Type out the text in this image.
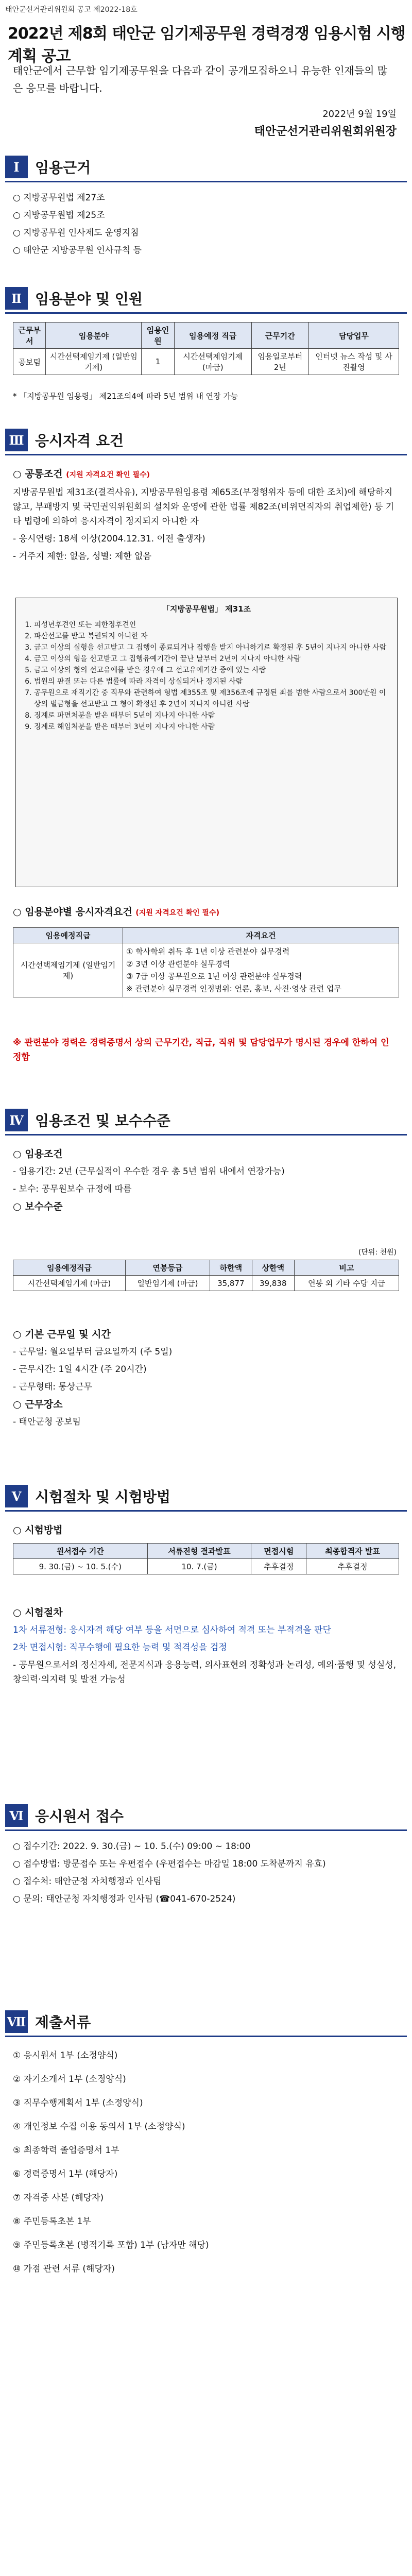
태안군선거관리위원회 공고 제2022-18호
2022년 제8회 태안군 임기제공무원 경력경쟁 임용시험 시행계획 공고
태안군에서 근무할 임기제공무원을 다음과 같이 공개모집하오니 유능한 인재들의 많은 응모를 바랍니다.
2022년 9월 19일
태안군선거관리위원회위원장
Ⅰ	임용근거

○ 지방공무원법 제27조

○ 지방공무원법 제25조

○ 지방공무원 인사제도 운영지침

○ 태안군 지방공무원 인사규칙 등

Ⅱ 임용분야 및 인원
근무부서	임용분야	임용인원	임용예정 직급	근무기간	담당업무
공보팀	시간선택제임기제 (일반임기제)	1	시간선택제임기제 (마급)	임용일로부터 2년	인터넷 뉴스 작성 및 사진촬영
* 「지방공무원 임용령」 제21조의4에 따라 5년 범위 내 연장 가능
Ⅲ 응시자격 요건
○ 공통조건 (지원 자격요건 확인 필수)

지방공무원법 제31조(결격사유), 지방공무원임용령 제65조(부정행위자 등에 대한 조치)에 해당하지 않고, 부패방지 및 국민권익위원회의 설치와 운영에 관한 법률 제82조(비위면직자의 취업제한) 등 기타 법령에 의하여 응시자격이 정지되지 아니한 자

- 응시연령: 18세 이상(2004.12.31. 이전 출생자)

- 거주지 제한: 없음, 성별: 제한 없음

「지방공무원법」 제31조
1. 피성년후견인 또는 피한정후견인
2. 파산선고를 받고 복권되지 아니한 자
3. 금고 이상의 실형을 선고받고 그 집행이 종료되거나 집행을 받지 아니하기로 확정된 후 5년이 지나지 아니한 사람
4. 금고 이상의 형을 선고받고 그 집행유예기간이 끝난 날부터 2년이 지나지 아니한 사람
5. 금고 이상의 형의 선고유예를 받은 경우에 그 선고유예기간 중에 있는 사람
6. 법원의 판결 또는 다른 법률에 따라 자격이 상실되거나 정지된 사람
7. 공무원으로 재직기간 중 직무와 관련하여 형법 제355조 및 제356조에 규정된 죄를 범한 사람으로서 300만원 이상의 벌금형을 선고받고 그 형이 확정된 후 2년이 지나지 아니한 사람
8. 징계로 파면처분을 받은 때부터 5년이 지나지 아니한 사람
9. 징계로 해임처분을 받은 때부터 3년이 지나지 아니한 사람
○ 임용분야별 응시자격요건 (지원 자격요건 확인 필수)
임용예정직급	자격요건
시간선택제임기제 (일반임기제)	① 학사학위 취득 후 1년 이상 관련분야 실무경력
② 3년 이상 관련분야 실무경력
③ 7급 이상 공무원으로 1년 이상 관련분야 실무경력
※ 관련분야 실무경력 인정범위: 언론, 홍보, 사진·영상 관련 업무
※ 관련분야 경력은 경력증명서 상의 근무기간, 직급, 직위 및 담당업무가 명시된 경우에 한하여 인정함
Ⅳ 임용조건 및 보수수준
○ 임용조건

- 임용기간: 2년 (근무실적이 우수한 경우 총 5년 범위 내에서 연장가능)

- 보수: 공무원보수 규정에 따름

○ 보수수준
(단위: 천원)
임용예정직급	연봉등급	하한액	상한액	비고
시간선택제임기제 (마급)	일반임기제 (마급)	35,877	39,838	연봉 외 기타 수당 지급
○ 기본 근무일 및 시간

- 근무일: 월요일부터 금요일까지 (주 5일)

- 근무시간: 1일 4시간 (주 20시간)

- 근무형태: 통상근무

○ 근무장소

- 태안군청 공보팀

Ⅴ 시험절차 및 시험방법
○ 시험방법
원서접수 기간	서류전형 결과발표	면접시험	최종합격자 발표
9. 30.(금) ~ 10. 5.(수)	10. 7.(금)	추후결정	추후결정
○ 시험절차

1차 서류전형: 응시자격 해당 여부 등을 서면으로 심사하여 적격 또는 부적격을 판단

2차 면접시험: 직무수행에 필요한 능력 및 적격성을 검정

- 공무원으로서의 정신자세, 전문지식과 응용능력, 의사표현의 정확성과 논리성, 예의·품행 및 성실성, 창의력·의지력 및 발전 가능성

Ⅵ 응시원서 접수

○ 접수기간: 2022. 9. 30.(금) ~ 10. 5.(수) 09:00 ~ 18:00

○ 접수방법: 방문접수 또는 우편접수 (우편접수는 마감일 18:00 도착분까지 유효)

○ 접수처: 태안군청 자치행정과 인사팀

○ 문의: 태안군청 자치행정과 인사팀 (☎041-670-2524)

Ⅶ 제출서류

① 응시원서 1부 (소정양식)

② 자기소개서 1부 (소정양식)

③ 직무수행계획서 1부 (소정양식)

④ 개인정보 수집 이용 동의서 1부 (소정양식)

⑤ 최종학력 졸업증명서 1부

⑥ 경력증명서 1부 (해당자)

⑦ 자격증 사본 (해당자)

⑧ 주민등록초본 1부

⑨ 주민등록초본 (병적기록 포함) 1부 (남자만 해당)

⑩ 가점 관련 서류 (해당자)
